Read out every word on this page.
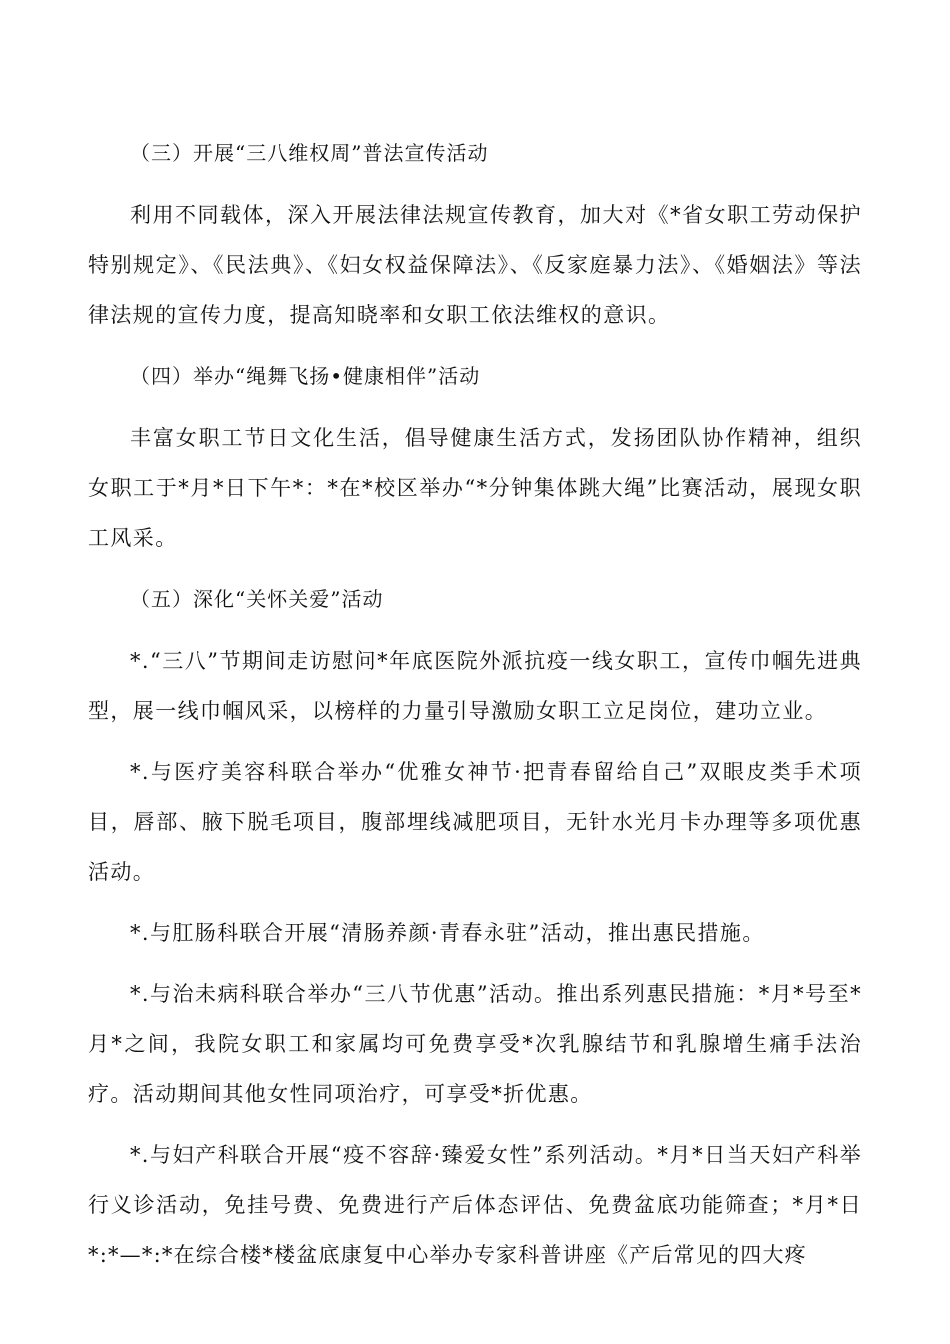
（三）开展“三八维权周”普法宣传活动

利用不同载体，深入开展法律法规宣传教育，加大对《*省女职工劳动保护特别规定》、《民法典》、《妇女权益保障法》、《反家庭暴力法》、《婚姻法》等法律法规的宣传力度，提高知晓率和女职工依法维权的意识。

（四）举办“绳舞飞扬•健康相伴”活动

丰富女职工节日文化生活，倡导健康生活方式，发扬团队协作精神，组织女职工于*月*日下午*：*在*校区举办“*分钟集体跳大绳”比赛活动，展现女职工风采。

（五）深化“关怀关爱”活动

*.“三八”节期间走访慰问*年底医院外派抗疫一线女职工，宣传巾帼先进典型，展一线巾帼风采，以榜样的力量引导激励女职工立足岗位，建功立业。

*.与医疗美容科联合举办“优雅女神节·把青春留给自己”双眼皮类手术项目，唇部、腋下脱毛项目，腹部埋线减肥项目，无针水光月卡办理等多项优惠活动。

*.与肛肠科联合开展“清肠养颜·青春永驻”活动，推出惠民措施。

*.与治未病科联合举办“三八节优惠”活动。推出系列惠民措施：*月*号至*月*之间，我院女职工和家属均可免费享受*次乳腺结节和乳腺增生痛手法治疗。活动期间其他女性同项治疗，可享受*折优惠。

*.与妇产科联合开展“疫不容辞·臻爱女性”系列活动。*月*日当天妇产科举行义诊活动，免挂号费、免费进行产后体态评估、免费盆底功能筛查；*月*日*:*—*:*在综合楼*楼盆底康复中心举办专家科普讲座《产后常见的四大疼
